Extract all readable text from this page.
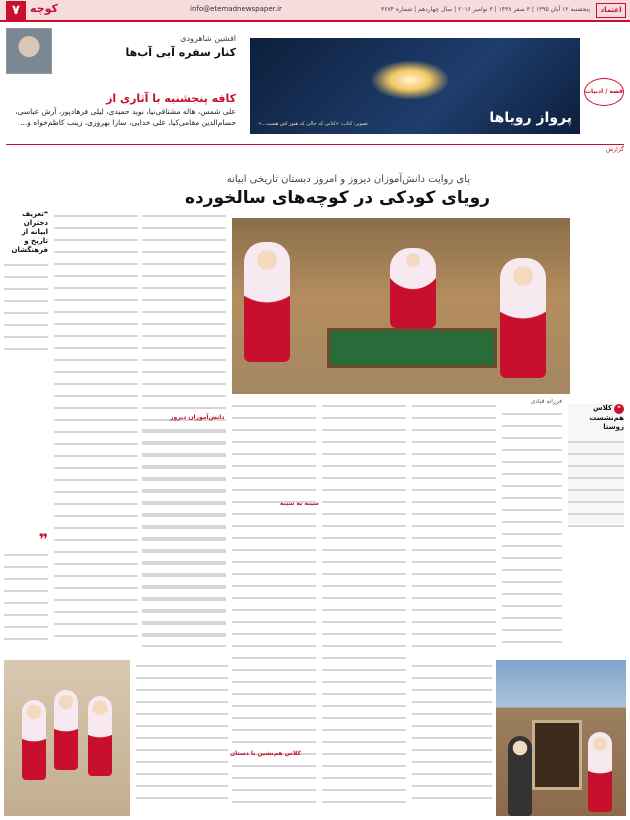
اعتماد
پنجشنبه ۱۲ آبان ۱۳۹۵ | ۳ صفر ۱۴۳۸ | ۳ نوامبر ۲۰۱۶ | سال چهاردهم | شماره ۳۶۷۴
info@etemadnewspaper.ir
کوچه
۷
افشین شاهرودی
کنار سفره آبی آب‌ها
کافه پنجشنبه با آثاری از
علی شمس، هاله مشتاقی‌نیا، نوید حمیدی، لیلی فرهادپور، آرش عباسی، حسام‌الدین مقامی‌کیا، علی خدایی، سارا بهروزی، زینب کاظم‌خواه و...	پرواز رویاها
تصویر: کتاب: «کتابی که حالی که هنوز اش هست...»
قصه / ادبیات
گزارش
پای روایت دانش‌آموزان دیروز و امروز دبستان تاریخی ابیانه
رویای کودکی در کوچه‌های سالخورده
❝کلاس هم‌نشست روستا
❝تعریف دختران ابیانه از تاریخ و فرهنگشان
❞
فرزانه قبادی
سینه‌ به‌ سینه
دانش‌آموزان دیروز
کلاس هم‌نشین با دستان
